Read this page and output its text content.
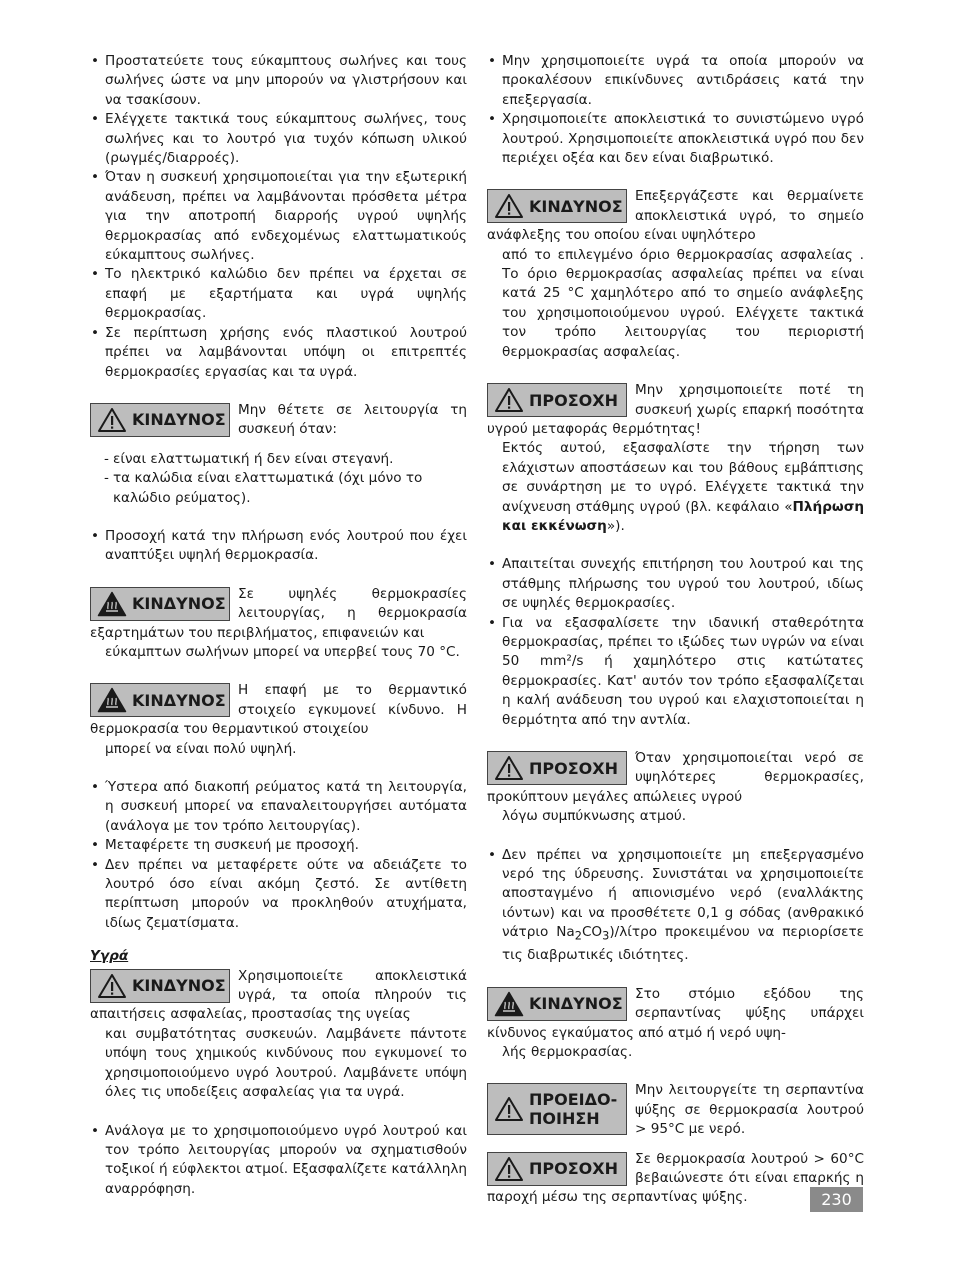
• Προστατεύετε τους εύκαμπτους σωλήνες και τους σωλήνες ώστε να μην μπορούν να γλιστρήσουν και να τσακίσουν.
• Ελέγχετε τακτικά τους εύκαμπτους σωλήνες, τους σωλήνες και το λουτρό για τυχόν κόπωση υλικού (ρωγμές/διαρροές).
• Όταν η συσκευή χρησιμοποιείται για την εξωτερική ανάδευση, πρέπει να λαμβάνονται πρόσθετα μέτρα για την αποτροπή διαρροής υγρού υψηλής θερμοκρασίας από ενδεχομένως ελαττωματικούς εύκαμπτους σωλήνες.
• Το ηλεκτρικό καλώδιο δεν πρέπει να έρχεται σε επαφή με εξαρτήματα και υγρά υψηλής θερμοκρασίας.
• Σε περίπτωση χρήσης ενός πλαστικού λουτρού πρέπει να λαμβάνονται υπόψη οι επιτρεπτές θερμοκρασίες εργασίας και τα υγρά.
ΚΙΝΔΥΝΟΣ

Μην θέτετε σε λειτουργία τη συσκευή όταν:

- είναι ελαττωματική ή δεν είναι στεγανή.
- τα καλώδια είναι ελαττωματικά (όχι μόνο το καλώδιο ρεύματος).
• Προσοχή κατά την πλήρωση ενός λουτρού που έχει αναπτύξει υψηλή θερμοκρασία.
ΚΙΝΔΥΝΟΣ

Σε υψηλές θερμοκρασίες λειτουργίας, η θερμοκρασία εξαρτημάτων του περιβλήματος, επιφανειών και

εύκαμπτων σωλήνων μπορεί να υπερβεί τους 70 °C.

ΚΙΝΔΥΝΟΣ

Η επαφή με το θερμαντικό στοιχείο εγκυμονεί κίνδυνο. Η θερμοκρασία του θερμαντικού στοιχείου

μπορεί να είναι πολύ υψηλή.

• Ύστερα από διακοπή ρεύματος κατά τη λειτουργία, η συσκευή μπορεί να επαναλειτουργήσει αυτόματα (ανάλογα με τον τρόπο λειτουργίας).
• Μεταφέρετε τη συσκευή με προσοχή.
• Δεν πρέπει να μεταφέρετε ούτε να αδειάζετε το λουτρό όσο είναι ακόμη ζεστό. Σε αντίθετη περίπτωση μπορούν να προκληθούν ατυχήματα, ιδίως ζεματίσματα.
Υγρά
ΚΙΝΔΥΝΟΣ

Χρησιμοποιείτε αποκλειστικά υγρά, τα οποία πληρούν τις απαιτήσεις ασφαλείας, προστασίας της υγείας

και συμβατότητας συσκευών. Λαμβάνετε πάντοτε υπόψη τους χημικούς κινδύνους που εγκυμονεί το χρησιμοποιούμενο υγρό λουτρού. Λαμβάνετε υπόψη όλες τις υποδείξεις ασφαλείας για τα υγρά.

• Ανάλογα με το χρησιμοποιούμενο υγρό λουτρού και τον τρόπο λειτουργίας μπορούν να σχηματισθούν τοξικοί ή εύφλεκτοι ατμοί. Εξασφαλίζετε κατάλληλη αναρρόφηση.
• Μην χρησιμοποιείτε υγρά τα οποία μπορούν να προκαλέσουν επικίνδυνες αντιδράσεις κατά την επεξεργασία.
• Χρησιμοποιείτε αποκλειστικά το συνιστώμενο υγρό λουτρού. Χρησιμοποιείτε αποκλειστικά υγρό που δεν περιέχει οξέα και δεν είναι διαβρωτικό.
ΚΙΝΔΥΝΟΣ

Επεξεργάζεστε και θερμαίνετε αποκλειστικά υγρό, το σημείο ανάφλεξης του οποίου είναι υψηλότερο

από το επιλεγμένο όριο θερμοκρασίας ασφαλείας . Το όριο θερμοκρασίας ασφαλείας πρέπει να είναι κατά 25 °C χαμηλότερο από το σημείο ανάφλεξης του χρησιμοποιούμενου υγρού. Ελέγχετε τακτικά τον τρόπο λειτουργίας του περιοριστή θερμοκρασίας ασφαλείας.

ΠΡΟΣΟΧΗ

Μην χρησιμοποιείτε ποτέ τη συσκευή χωρίς επαρκή ποσότητα υγρού μεταφοράς θερμότητας!

Εκτός αυτού, εξασφαλίστε την τήρηση των ελάχιστων αποστάσεων και του βάθους εμβάπτισης σε συνάρτηση με το υγρό. Ελέγχετε τακτικά την ανίχνευση στάθμης υγρού (βλ. κεφάλαιο «Πλήρωση και εκκένωση»).

• Απαιτείται συνεχής επιτήρηση του λουτρού και της στάθμης πλήρωσης του υγρού του λουτρού, ιδίως σε υψηλές θερμοκρασίες.
• Για να εξασφαλίσετε την ιδανική σταθερότητα θερμοκρασίας, πρέπει το ιξώδες των υγρών να είναι 50 mm²/s ή χαμηλότερο στις κατώτατες θερμοκρασίες. Κατ' αυτόν τον τρόπο εξασφαλίζεται η καλή ανάδευση του υγρού και ελαχιστοποιείται η θερμότητα από την αντλία.
ΠΡΟΣΟΧΗ

Όταν χρησιμοποιείται νερό σε υψηλότερες θερμοκρασίες, προκύπτουν μεγάλες απώλειες υγρού

λόγω συμπύκνωσης ατμού.

• Δεν πρέπει να χρησιμοποιείτε μη επεξεργασμένο νερό της ύδρευσης. Συνιστάται να χρησιμοποιείτε αποσταγμένο ή απιονισμένο νερό (εναλλάκτης ιόντων) και να προσθέτετε 0,1 g σόδας (ανθρακικό νάτριο $Na_2CO_3$)/λίτρο προκειμένου να περιορίσετε τις διαβρωτικές ιδιότητες.
ΚΙΝΔΥΝΟΣ

Στο στόμιο εξόδου της σερπαντίνας ψύξης υπάρχει κίνδυνος εγκαύματος από ατμό ή νερό υψη-

λής θερμοκρασίας.

ΠΡΟΕΙΔΟ-
ΠΟΙΗΣΗ

Μην λειτουργείτε τη σερπαντίνα ψύξης σε θερμοκρασία λουτρού > 95°C με νερό.

ΠΡΟΣΟΧΗ

Σε θερμοκρασία λουτρού > 60°C βεβαιώνεστε ότι είναι επαρκής η παροχή μέσω της σερπαντίνας ψύξης.	230
